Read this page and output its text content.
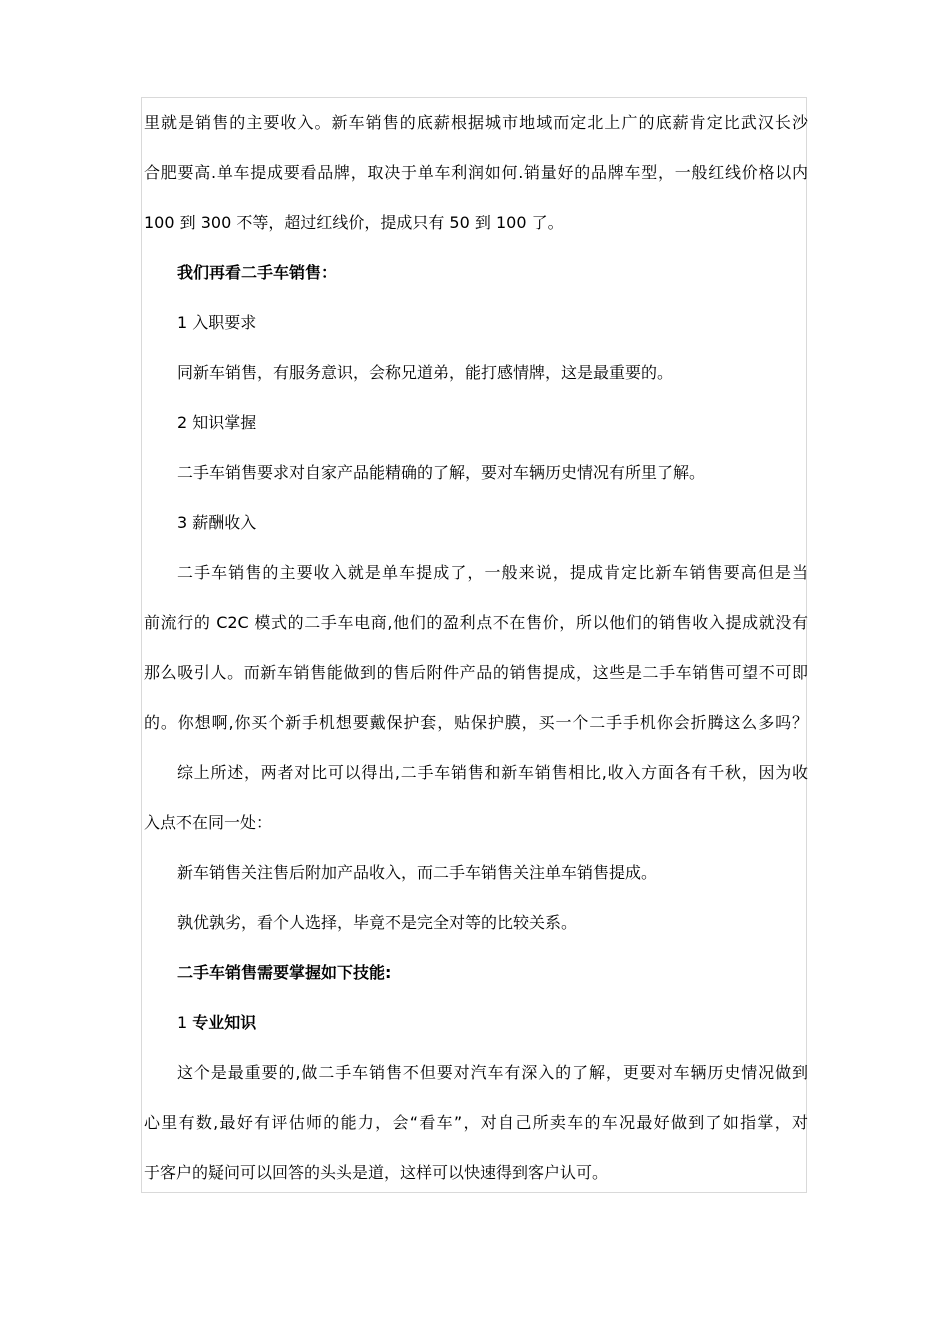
里就是销售的主要收入。新车销售的底薪根据城市地域而定北上广的底薪肯定比武汉长沙
合肥要高.单车提成要看品牌，取决于单车利润如何.销量好的品牌车型，一般红线价格以内
100 到 300 不等，超过红线价，提成只有 50 到 100 了。
我们再看二手车销售：
1 入职要求
同新车销售，有服务意识，会称兄道弟，能打感情牌，这是最重要的。
2 知识掌握
二手车销售要求对自家产品能精确的了解，要对车辆历史情况有所里了解。
3 薪酬收入
二手车销售的主要收入就是单车提成了，一般来说，提成肯定比新车销售要高但是当
前流行的 C2C 模式的二手车电商,他们的盈利点不在售价，所以他们的销售收入提成就没有
那么吸引人。而新车销售能做到的售后附件产品的销售提成，这些是二手车销售可望不可即
的。你想啊,你买个新手机想要戴保护套，贴保护膜，买一个二手手机你会折腾这么多吗？
综上所述，两者对比可以得出,二手车销售和新车销售相比,收入方面各有千秋，因为收
入点不在同一处：
新车销售关注售后附加产品收入，而二手车销售关注单车销售提成。
孰优孰劣，看个人选择，毕竟不是完全对等的比较关系。
二手车销售需要掌握如下技能:
1 专业知识
这个是最重要的,做二手车销售不但要对汽车有深入的了解，更要对车辆历史情况做到
心里有数,最好有评估师的能力，会“看车”，对自己所卖车的车况最好做到了如指掌，对
于客户的疑问可以回答的头头是道，这样可以快速得到客户认可。
